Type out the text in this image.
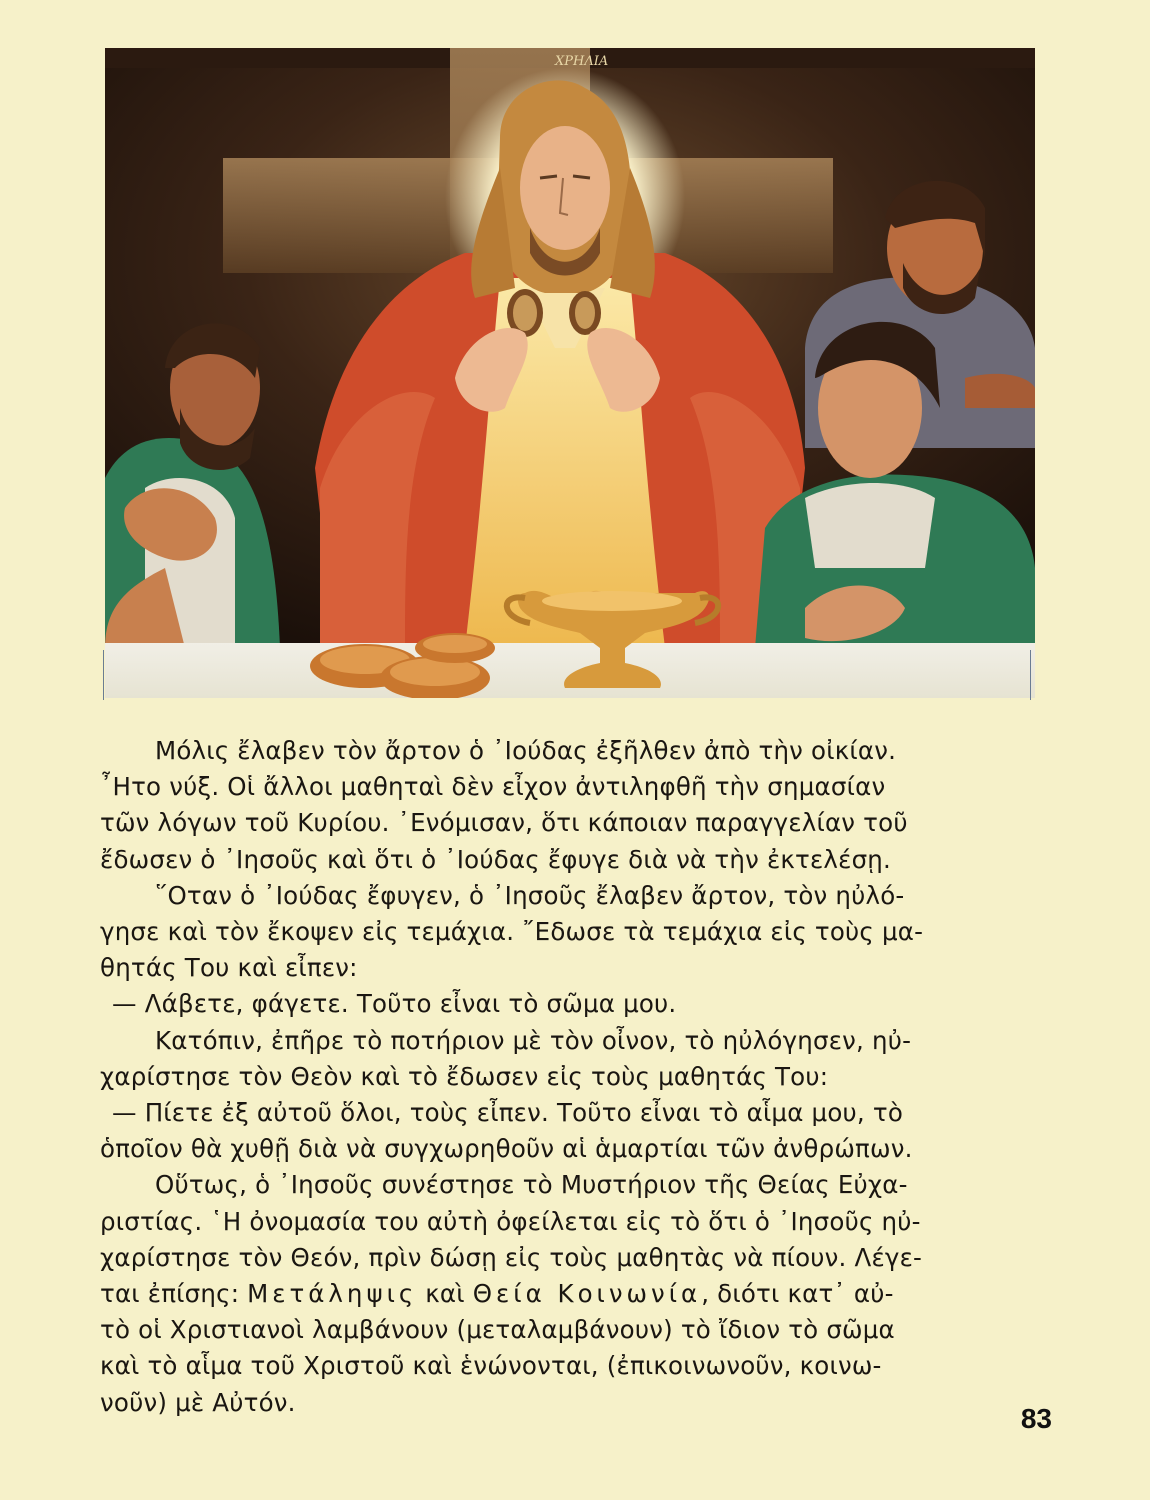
ΧΡΗΛΙΑ

Μόλις ἔλαβεν τὸν ἄρτον ὁ ᾿Ιούδας ἐξῆλθεν ἀπὸ τὴν οἰκίαν.
῏Ητο νύξ. Οἱ ἄλλοι μαθηταὶ δὲν εἶχον ἀντιληφθῆ τὴν σημασίαν
τῶν λόγων τοῦ Κυρίου. ᾿Ενόμισαν, ὅτι κάποιαν παραγγελίαν τοῦ
ἔδωσεν ὁ ᾿Ιησοῦς καὶ ὅτι ὁ ᾿Ιούδας ἔφυγε διὰ νὰ τὴν ἐκτελέσῃ.

῞Οταν ὁ ᾿Ιούδας ἔφυγεν, ὁ ᾿Ιησοῦς ἔλαβεν ἄρτον, τὸν ηὐλό-
γησε καὶ τὸν ἔκοψεν εἰς τεμάχια. ῎Εδωσε τὰ τεμάχια εἰς τοὺς μα-
θητάς Του καὶ εἶπεν:

— Λάβετε, φάγετε. Τοῦτο εἶναι τὸ σῶμα μου.

Κατόπιν, ἐπῆρε τὸ ποτήριον μὲ τὸν οἶνον, τὸ ηὐλόγησεν, ηὐ-
χαρίστησε τὸν Θεὸν καὶ τὸ ἔδωσεν εἰς τοὺς μαθητάς Του:

— Πίετε ἐξ αὐτοῦ ὅλοι, τοὺς εἶπεν. Τοῦτο εἶναι τὸ αἷμα μου, τὸ
ὁποῖον θὰ χυθῇ διὰ νὰ συγχωρηθοῦν αἱ ἁμαρτίαι τῶν ἀνθρώπων.

Οὕτως, ὁ ᾿Ιησοῦς συνέστησε τὸ Μυστήριον τῆς Θείας Εὐχα-
ριστίας. ῾Η ὀνομασία του αὐτὴ ὀφείλεται εἰς τὸ ὅτι ὁ ᾿Ιησοῦς ηὐ-
χαρίστησε τὸν Θεόν, πρὶν δώσῃ εἰς τοὺς μαθητὰς νὰ πίουν. Λέγε-
ται ἐπίσης: Μετάληψις καὶ Θεία Κοινωνία, διότι κατ᾿ αὐ-
τὸ οἱ Χριστιανοὶ λαμβάνουν (μεταλαμβάνουν) τὸ ἴδιον τὸ σῶμα
καὶ τὸ αἷμα τοῦ Χριστοῦ καὶ ἑνώνονται, (ἐπικοινωνοῦν, κοινω-
νοῦν) μὲ Αὐτόν.

83
